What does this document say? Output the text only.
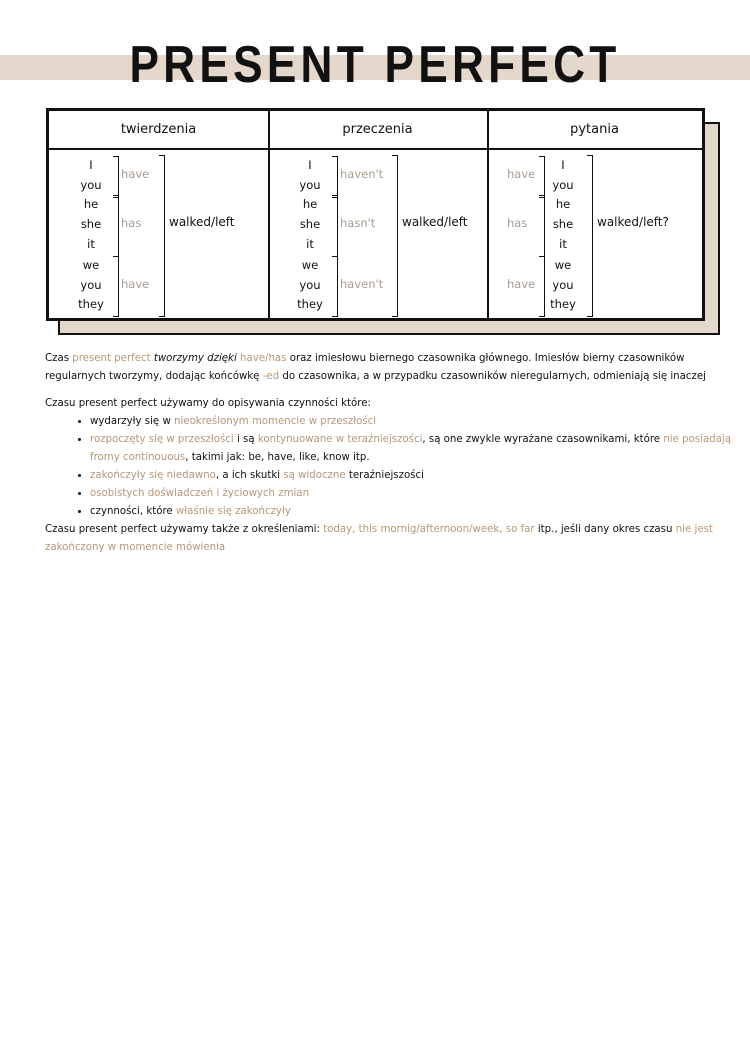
PRESENT PERFECT
twierdzenia
I
you
he
she
it
we
you
they
have
has
have
walked/left
przeczenia
I
you
he
she
it
we
you
they
haven't
hasn't
haven't
walked/left
pytania
I
you
he
she
it
we
you
they
have
has
have
walked/left?
Czas present perfect tworzymy dzięki have/has oraz imiesłowu biernego czasownika głównego. Imiesłów bierny czasowników regularnych tworzymy, dodając końcówkę -ed do czasownika, a w przypadku czasowników nieregularnych, odmieniają się inaczej
Czasu present perfect używamy do opisywania czynności które:
• wydarzyły się w nieokreślonym momencie w przeszłości
• rozpoczęty się w przeszłości i są kontynuowane w teraźniejszości, są one zwykle wyrażane czasownikami, które nie posiadają fromy continouous, takimi jak: be, have, like, know itp.
• zakończyły się niedawno, a ich skutki są widoczne teraźniejszości
• osobistych doświadczeń i życiowych zmian
• czynności, które właśnie się zakończyły
Czasu present perfect używamy także z określeniami: today, this mornig/afternoon/week, so far itp., jeśli dany okres czasu nie jest zakończony w momencie mówienia
